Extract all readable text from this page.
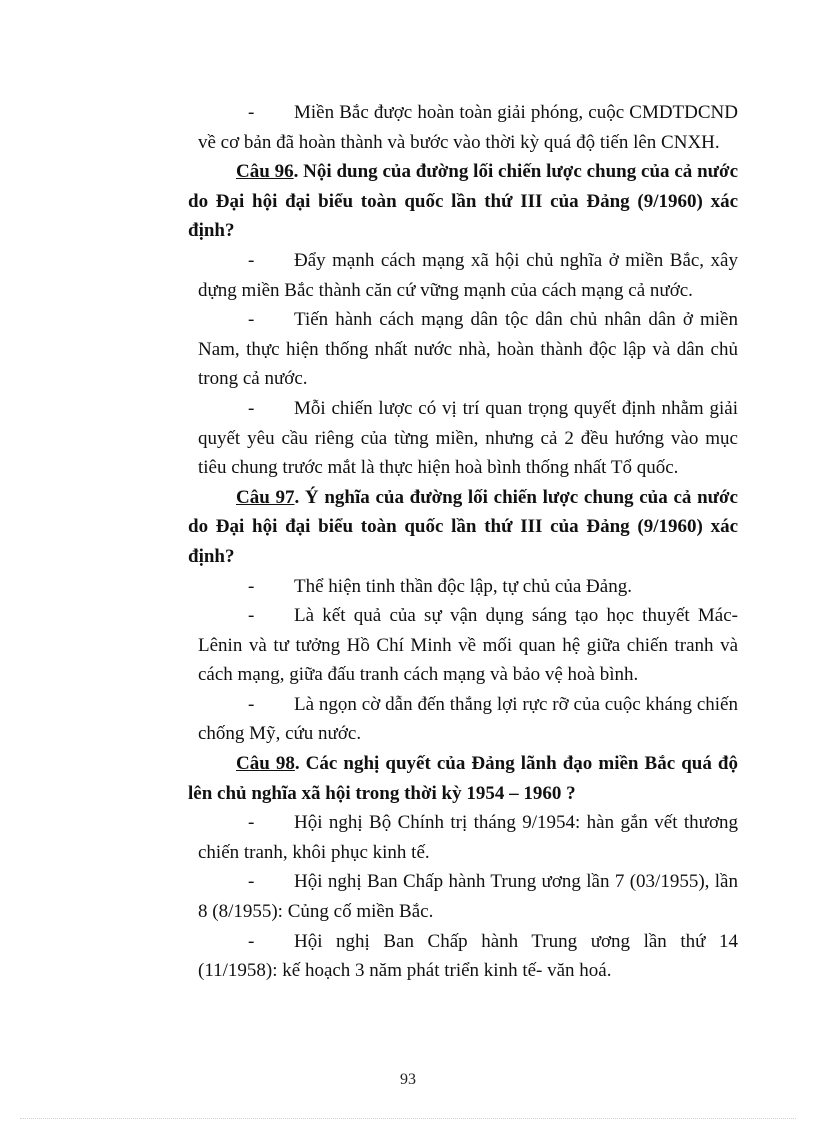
- Miền Bắc được hoàn toàn giải phóng, cuộc CMDTDCND về cơ bản đã hoàn thành và bước vào thời kỳ quá độ tiến lên CNXH.

Câu 96. Nội dung của đường lối chiến lược chung của cả nước do Đại hội đại biểu toàn quốc lần thứ III của Đảng (9/1960) xác định?

- Đẩy mạnh cách mạng xã hội chủ nghĩa ở miền Bắc, xây dựng miền Bắc thành căn cứ vững mạnh của cách mạng cả nước.

- Tiến hành cách mạng dân tộc dân chủ nhân dân ở miền Nam, thực hiện thống nhất nước nhà, hoàn thành độc lập và dân chủ trong cả nước.

- Mỗi chiến lược có vị trí quan trọng quyết định nhằm giải quyết yêu cầu riêng của từng miền, nhưng cả 2 đều hướng vào mục tiêu chung trước mắt là thực hiện hoà bình thống nhất Tổ quốc.

Câu 97. Ý nghĩa của đường lối chiến lược chung của cả nước do Đại hội đại biểu toàn quốc lần thứ III của Đảng (9/1960) xác định?

- Thể hiện tinh thần độc lập, tự chủ của Đảng.

- Là kết quả của sự vận dụng sáng tạo học thuyết Mác-Lênin và tư tưởng Hồ Chí Minh về mối quan hệ giữa chiến tranh và cách mạng, giữa đấu tranh cách mạng và bảo vệ hoà bình.

- Là ngọn cờ dẫn đến thắng lợi rực rỡ của cuộc kháng chiến chống Mỹ, cứu nước.

Câu 98. Các nghị quyết của Đảng lãnh đạo miền Bắc quá độ lên chủ nghĩa xã hội trong thời kỳ 1954 – 1960 ?

- Hội nghị Bộ Chính trị tháng 9/1954: hàn gắn vết thương chiến tranh, khôi phục kinh tế.

- Hội nghị Ban Chấp hành Trung ương lần 7 (03/1955), lần 8 (8/1955): Củng cố miền Bắc.

- Hội nghị Ban Chấp hành Trung ương lần thứ 14 (11/1958): kế hoạch 3 năm phát triển kinh tế- văn hoá.

93
